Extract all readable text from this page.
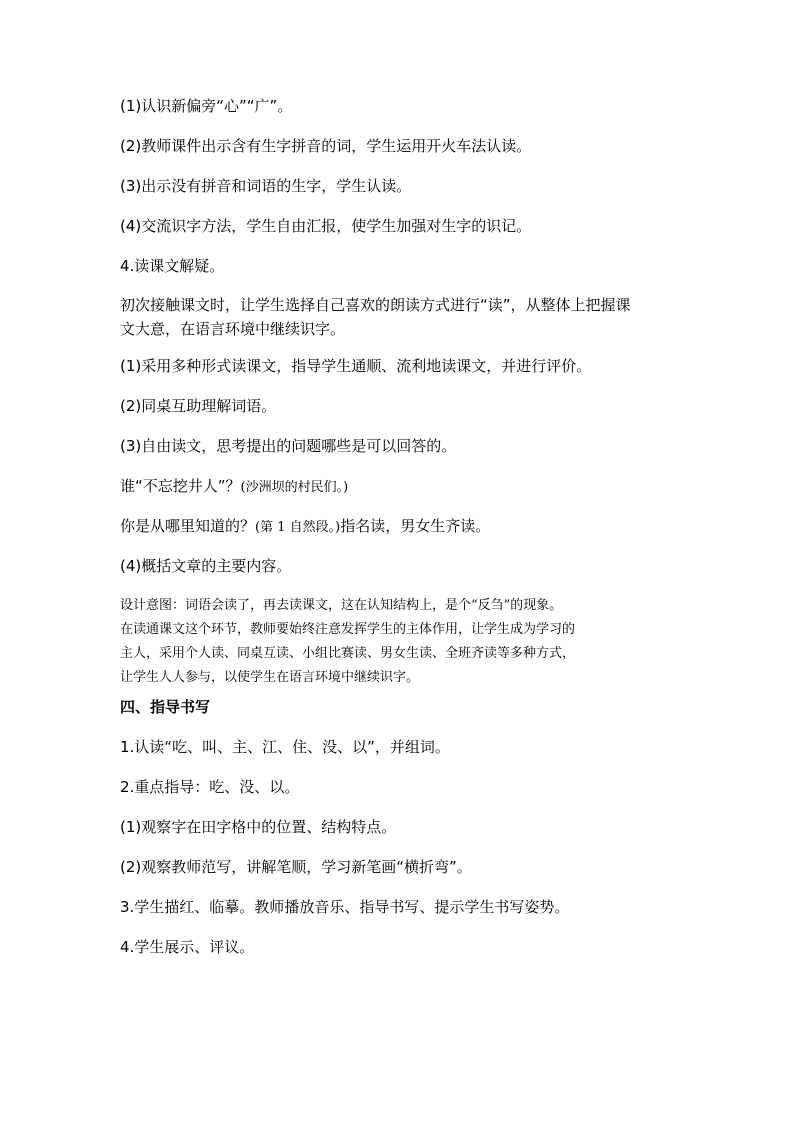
(1)认识新偏旁“心”“广”。
(2)教师课件出示含有生字拼音的词，学生运用开火车法认读。
(3)出示没有拼音和词语的生字，学生认读。
(4)交流识字方法，学生自由汇报，使学生加强对生字的识记。
4.读课文解疑。
初次接触课文时，让学生选择自己喜欢的朗读方式进行“读”，从整体上把握课
文大意，在语言环境中继续识字。
(1)采用多种形式读课文，指导学生通顺、流利地读课文，并进行评价。
(2)同桌互助理解词语。
(3)自由读文，思考提出的问题哪些是可以回答的。
谁“不忘挖井人”？(沙洲坝的村民们。)
你是从哪里知道的？(第 1 自然段。)指名读，男女生齐读。
(4)概括文章的主要内容。
设计意图：词语会读了，再去读课文，这在认知结构上，是个“反刍”的现象。
在读通课文这个环节，教师要始终注意发挥学生的主体作用，让学生成为学习的
主人，采用个人读、同桌互读、小组比赛读、男女生读、全班齐读等多种方式，
让学生人人参与，以使学生在语言环境中继续识字。
四、指导书写
1.认读“吃、叫、主、江、住、没、以”，并组词。
2.重点指导：吃、没、以。
(1)观察字在田字格中的位置、结构特点。
(2)观察教师范写，讲解笔顺，学习新笔画“横折弯”。
3.学生描红、临摹。教师播放音乐、指导书写、提示学生书写姿势。
4.学生展示、评议。
